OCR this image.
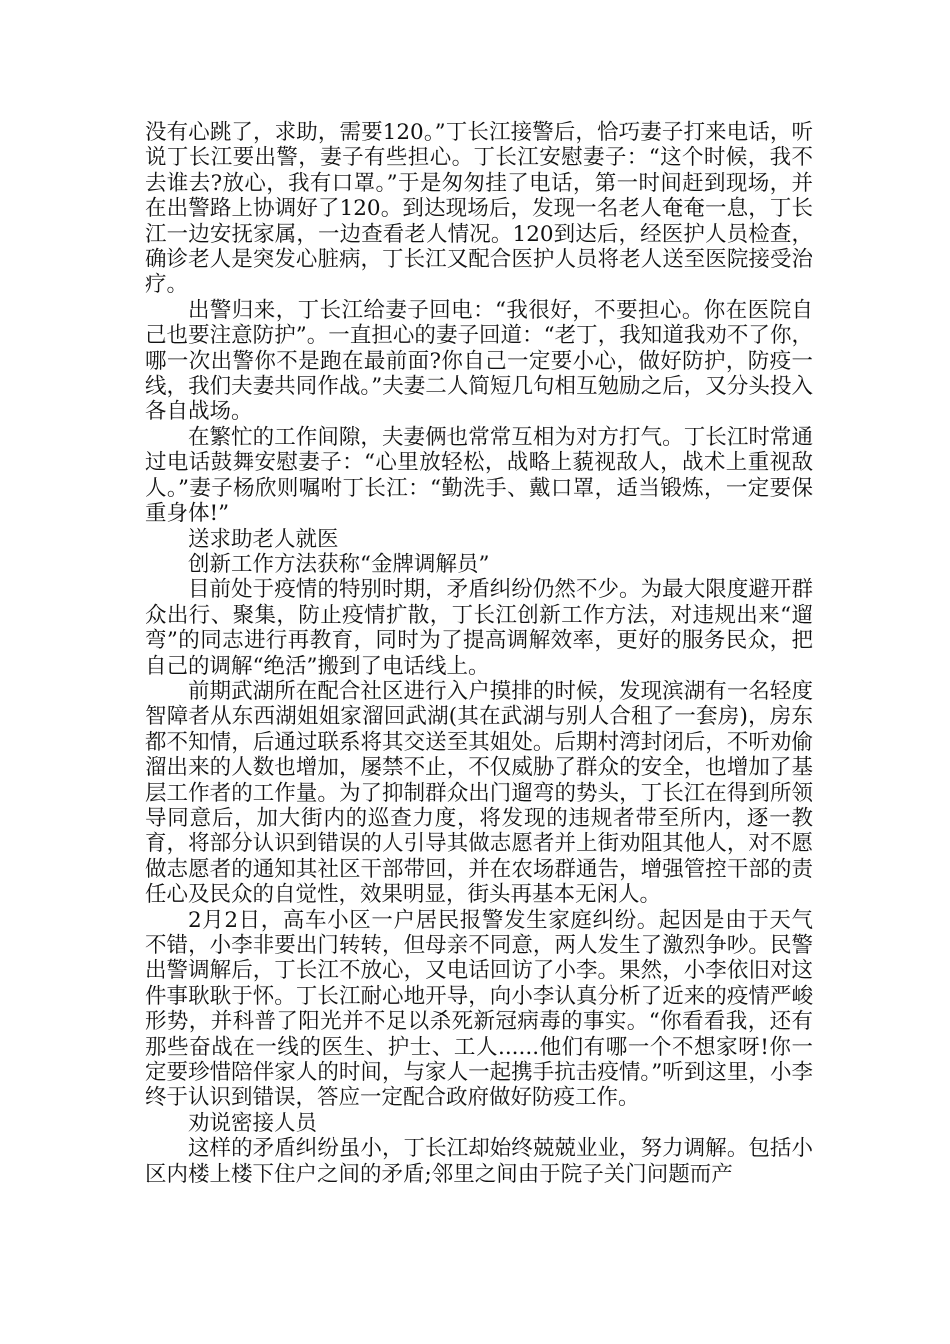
没有心跳了，求助，需要120。”丁长江接警后，恰巧妻子打来电话，听说丁长江要出警，妻子有些担心。丁长江安慰妻子：“这个时候，我不去谁去?放心，我有口罩。”于是匆匆挂了电话，第一时间赶到现场，并在出警路上协调好了120。到达现场后，发现一名老人奄奄一息，丁长江一边安抚家属，一边查看老人情况。120到达后，经医护人员检查，确诊老人是突发心脏病，丁长江又配合医护人员将老人送至医院接受治疗。

出警归来，丁长江给妻子回电：“我很好，不要担心。你在医院自己也要注意防护”。一直担心的妻子回道：“老丁，我知道我劝不了你，哪一次出警你不是跑在最前面?你自己一定要小心，做好防护，防疫一线，我们夫妻共同作战。”夫妻二人简短几句相互勉励之后，又分头投入各自战场。

在繁忙的工作间隙，夫妻俩也常常互相为对方打气。丁长江时常通过电话鼓舞安慰妻子：“心里放轻松，战略上藐视敌人，战术上重视敌人。”妻子杨欣则嘱咐丁长江：“勤洗手、戴口罩，适当锻炼，一定要保重身体!”

送求助老人就医

创新工作方法获称“金牌调解员”

目前处于疫情的特别时期，矛盾纠纷仍然不少。为最大限度避开群众出行、聚集，防止疫情扩散，丁长江创新工作方法，对违规出来“遛弯”的同志进行再教育，同时为了提高调解效率，更好的服务民众，把自己的调解“绝活”搬到了电话线上。

前期武湖所在配合社区进行入户摸排的时候，发现滨湖有一名轻度智障者从东西湖姐姐家溜回武湖(其在武湖与别人合租了一套房)，房东都不知情，后通过联系将其交送至其姐处。后期村湾封闭后，不听劝偷溜出来的人数也增加，屡禁不止，不仅威胁了群众的安全，也增加了基层工作者的工作量。为了抑制群众出门遛弯的势头，丁长江在得到所领导同意后，加大街内的巡查力度，将发现的违规者带至所内，逐一教育，将部分认识到错误的人引导其做志愿者并上街劝阻其他人，对不愿做志愿者的通知其社区干部带回，并在农场群通告，增强管控干部的责任心及民众的自觉性，效果明显，街头再基本无闲人。

2月2日，高车小区一户居民报警发生家庭纠纷。起因是由于天气不错，小李非要出门转转，但母亲不同意，两人发生了激烈争吵。民警出警调解后，丁长江不放心，又电话回访了小李。果然，小李依旧对这件事耿耿于怀。丁长江耐心地开导，向小李认真分析了近来的疫情严峻形势，并科普了阳光并不足以杀死新冠病毒的事实。“你看看我，还有那些奋战在一线的医生、护士、工人......他们有哪一个不想家呀!你一定要珍惜陪伴家人的时间，与家人一起携手抗击疫情。”听到这里，小李终于认识到错误，答应一定配合政府做好防疫工作。

劝说密接人员

这样的矛盾纠纷虽小，丁长江却始终兢兢业业，努力调解。包括小区内楼上楼下住户之间的矛盾;邻里之间由于院子关门问题而产
